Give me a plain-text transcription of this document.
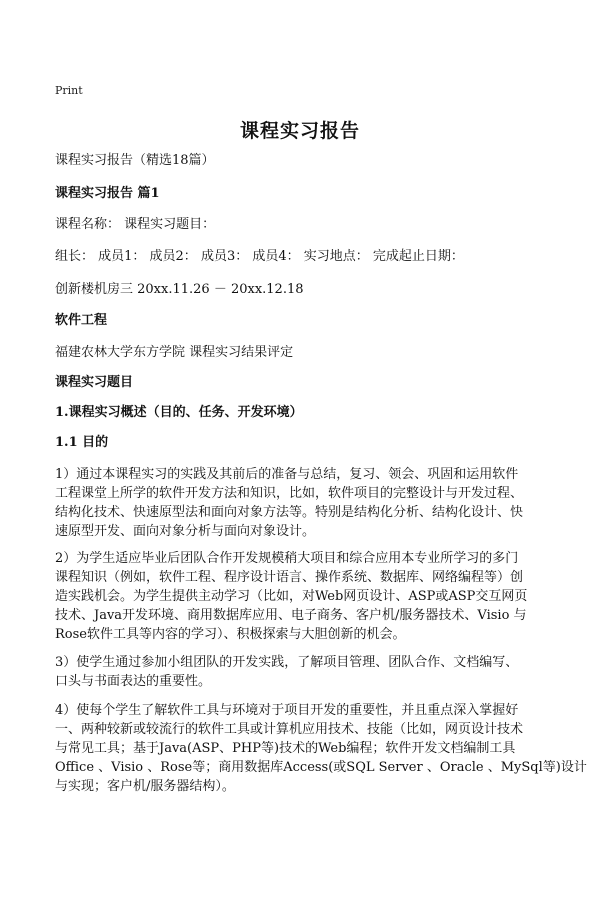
Print
课程实习报告
课程实习报告（精选18篇）
课程实习报告 篇1
课程名称： 课程实习题目：
组长： 成员1： 成员2： 成员3： 成员4： 实习地点： 完成起止日期：
创新楼机房三 20xx.11.26 － 20xx.12.18
软件工程
福建农林大学东方学院 课程实习结果评定
课程实习题目
1.课程实习概述（目的、任务、开发环境）
1.1 目的
1）通过本课程实习的实践及其前后的准备与总结，复习、领会、巩固和运用软件
工程课堂上所学的软件开发方法和知识，比如，软件项目的完整设计与开发过程、
结构化技术、快速原型法和面向对象方法等。特别是结构化分析、结构化设计、快
速原型开发、面向对象分析与面向对象设计。
2）为学生适应毕业后团队合作开发规模稍大项目和综合应用本专业所学习的多门
课程知识（例如，软件工程、程序设计语言、操作系统、数据库、网络编程等）创
造实践机会。为学生提供主动学习（比如，对Web网页设计、ASP或ASP交互网页
技术、Java开发环境、商用数据库应用、电子商务、客户机/服务器技术、Visio 与
Rose软件工具等内容的学习）、积极探索与大胆创新的机会。
3）使学生通过参加小组团队的开发实践，了解项目管理、团队合作、文档编写、
口头与书面表达的重要性。
4）使每个学生了解软件工具与环境对于项目开发的重要性，并且重点深入掌握好
一、两种较新或较流行的软件工具或计算机应用技术、技能（比如，网页设计技术
与常见工具；基于Java(ASP、PHP等)技术的Web编程；软件开发文档编制工具
Office 、Visio 、Rose等；商用数据库Access(或SQL Server 、Oracle 、MySql等)设计
与实现；客户机/服务器结构）。
